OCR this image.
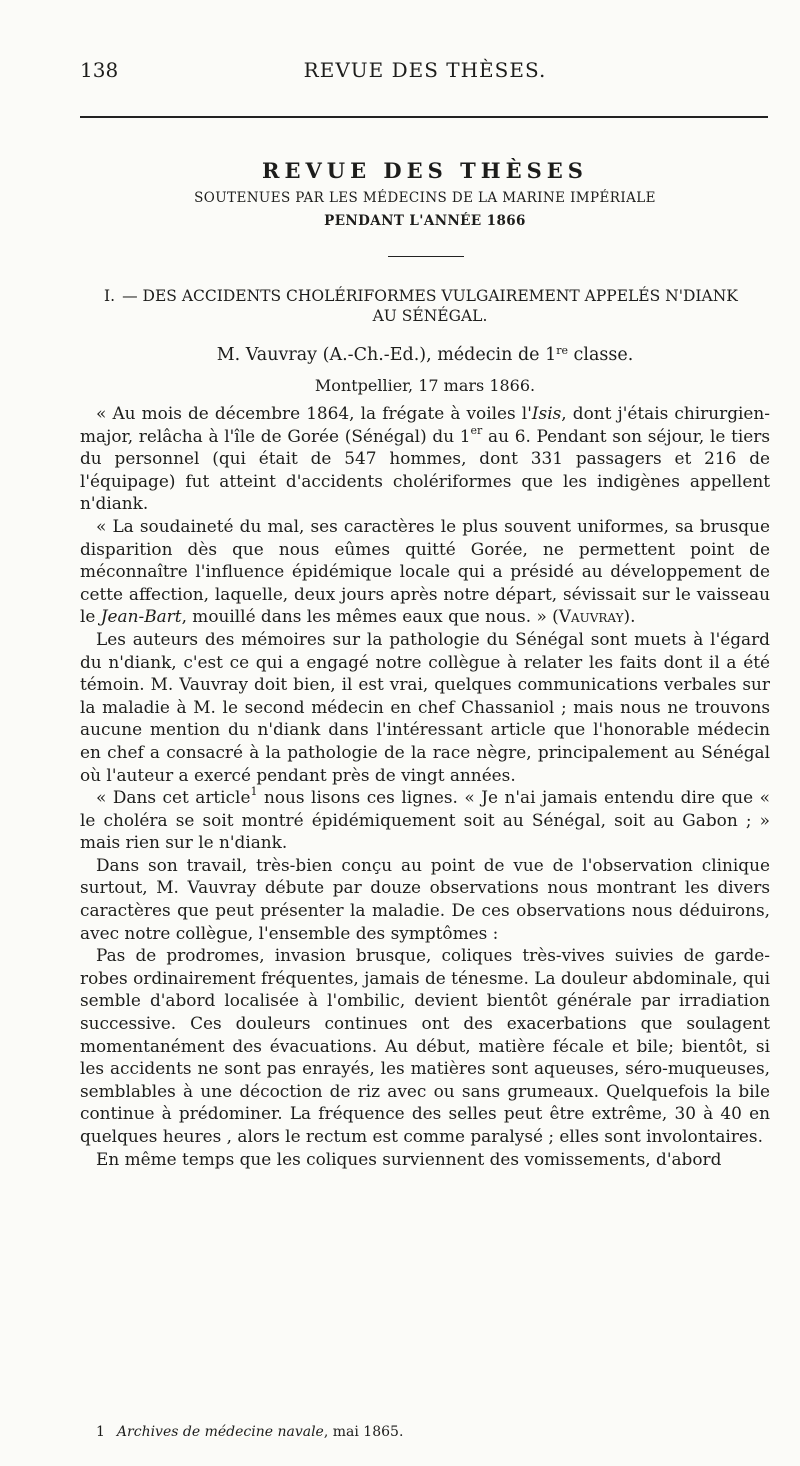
138	REVUE DES THÈSES.
REVUE DES THÈSES
SOUTENUES PAR LES MÉDECINS DE LA MARINE IMPÉRIALE
PENDANT L'ANNÉE 1866
I. — DES ACCIDENTS CHOLÉRIFORMES VULGAIREMENT APPELÉS N'DIANK AU SÉNÉGAL.
M. Vauvray (A.-Ch.-Ed.), médecin de 1re classe.
Montpellier, 17 mars 1866.

« Au mois de décembre 1864, la frégate à voiles l'Isis, dont j'étais chirurgien-major, relâcha à l'île de Gorée (Sénégal) du 1er au 6. Pendant son séjour, le tiers du personnel (qui était de 547 hommes, dont 331 passagers et 216 de l'équipage) fut atteint d'accidents cholériformes que les indigènes appellent n'diank.

« La soudaineté du mal, ses caractères le plus souvent uniformes, sa brusque disparition dès que nous eûmes quitté Gorée, ne permettent point de méconnaître l'influence épidémique locale qui a présidé au développement de cette affection, laquelle, deux jours après notre départ, sévissait sur le vaisseau le Jean-Bart, mouillé dans les mêmes eaux que nous. » (Vauvray).

Les auteurs des mémoires sur la pathologie du Sénégal sont muets à l'égard du n'diank, c'est ce qui a engagé notre collègue à relater les faits dont il a été témoin. M. Vauvray doit bien, il est vrai, quelques communications verbales sur la maladie à M. le second médecin en chef Chassaniol ; mais nous ne trouvons aucune mention du n'diank dans l'intéressant article que l'honorable médecin en chef a consacré à la pathologie de la race nègre, principalement au Sénégal où l'auteur a exercé pendant près de vingt années.

« Dans cet article$^1$ nous lisons ces lignes. « Je n'ai jamais entendu dire que « le choléra se soit montré épidémiquement soit au Sénégal, soit au Gabon ; » mais rien sur le n'diank.

Dans son travail, très-bien conçu au point de vue de l'observation clinique surtout, M. Vauvray débute par douze observations nous montrant les divers caractères que peut présenter la maladie. De ces observations nous déduirons, avec notre collègue, l'ensemble des symptômes :

Pas de prodromes, invasion brusque, coliques très-vives suivies de garde-robes ordinairement fréquentes, jamais de ténesme. La douleur abdominale, qui semble d'abord localisée à l'ombilic, devient bientôt générale par irradiation successive. Ces douleurs continues ont des exacerbations que soulagent momentanément des évacuations. Au début, matière fécale et bile; bientôt, si les accidents ne sont pas enrayés, les matières sont aqueuses, séro-muqueuses, semblables à une décoction de riz avec ou sans grumeaux. Quelquefois la bile continue à prédominer. La fréquence des selles peut être extrême, 30 à 40 en quelques heures , alors le rectum est comme paralysé ; elles sont involontaires.

En même temps que les coliques surviennent des vomissements, d'abord

1 Archives de médecine navale, mai 1865.
